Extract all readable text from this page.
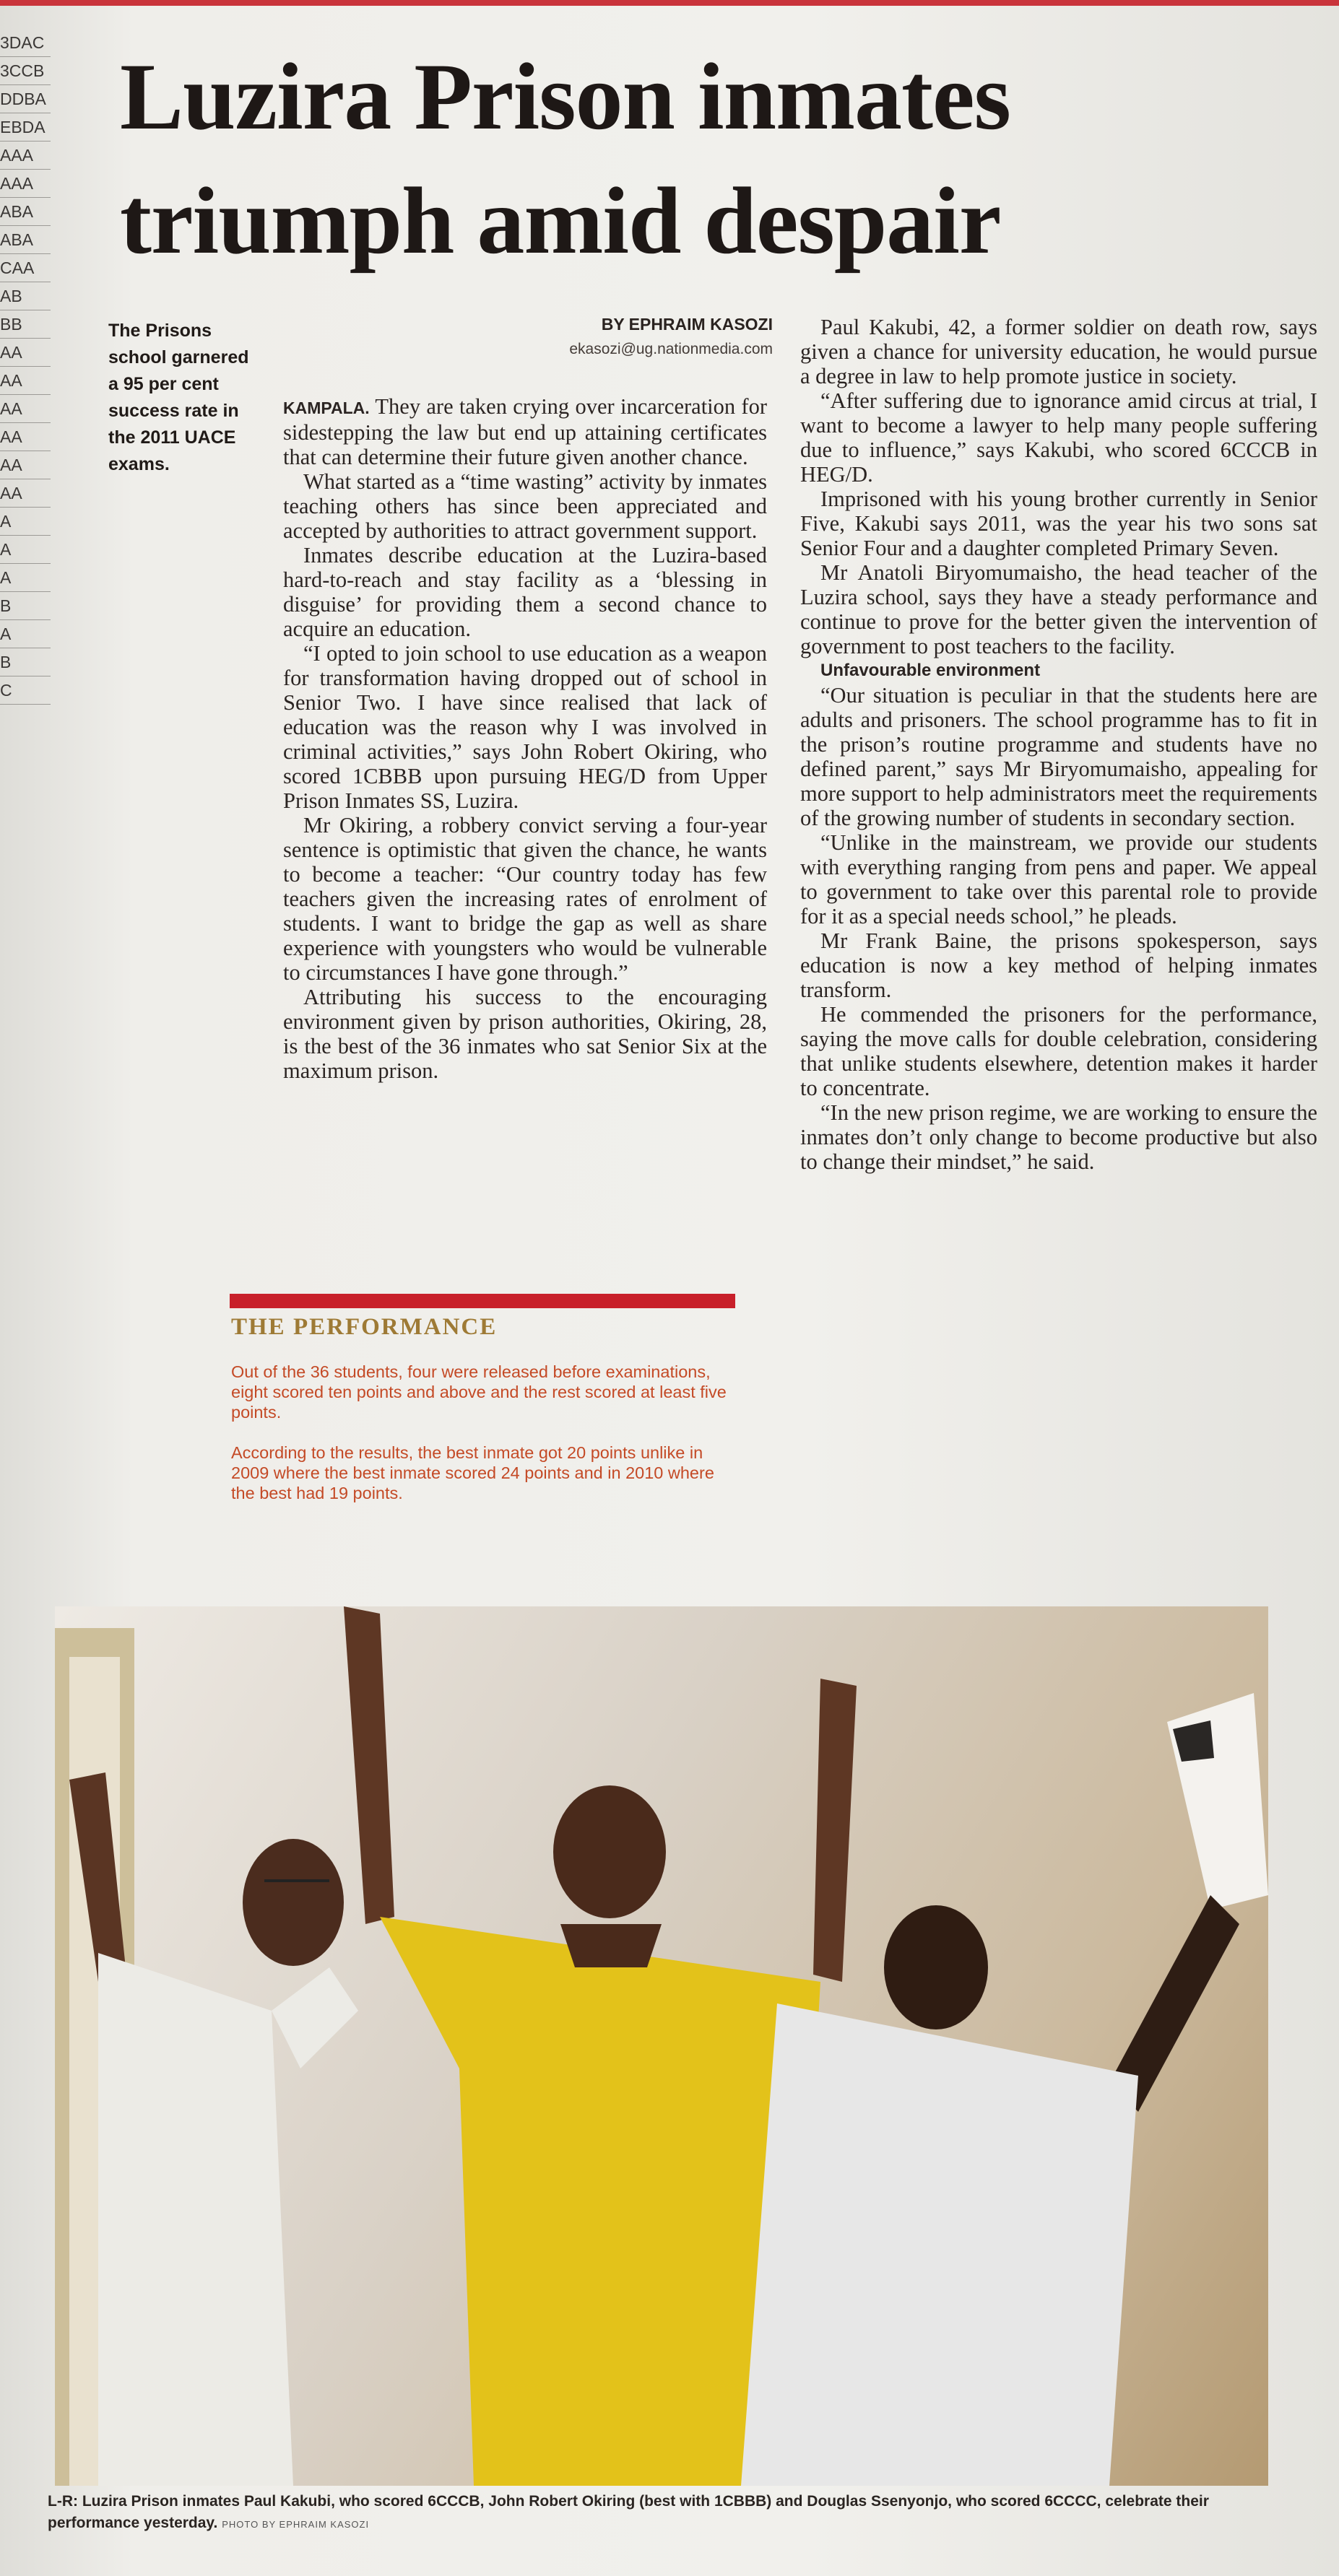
3DAC
3CCB
DDBA
EBDA
AAA
AAA
ABA
ABA
CAA
AB
BB
AA
AA
AA
AA
AA
AA
A
A
A
B
A
B
C
Luzira Prison inmates
triumph amid despair
The Prisons school garnered a 95 per cent success rate in the 2011 UACE exams.
BY EPHRAIM KASOZI
ekasozi@ug.nationmedia.com

KAMPALA. They are taken crying over incarceration for sidestepping the law but end up attaining certificates that can determine their future given another chance.

What started as a “time wasting” activity by inmates teaching others has since been appreciated and accepted by authorities to attract government support.

Inmates describe education at the Luzira-based hard-to-reach and stay facility as a ‘blessing in disguise’ for providing them a second chance to acquire an education.

“I opted to join school to use education as a weapon for transformation having dropped out of school in Senior Two. I have since realised that lack of education was the reason why I was involved in criminal activities,” says John Robert Okiring, who scored 1CBBB upon pursuing HEG/D from Upper Prison Inmates SS, Luzira.

Mr Okiring, a robbery convict serving a four-year sentence is optimistic that given the chance, he wants to become a teacher: “Our country today has few teachers given the increasing rates of enrolment of students. I want to bridge the gap as well as share experience with youngsters who would be vulnerable to circumstances I have gone through.”

Attributing his success to the encouraging environment given by prison authorities, Okiring, 28, is the best of the 36 inmates who sat Senior Six at the maximum prison.

Paul Kakubi, 42, a former soldier on death row, says given a chance for university education, he would pursue a degree in law to help promote justice in society.

“After suffering due to ignorance amid circus at trial, I want to become a lawyer to help many people suffering due to influence,” says Kakubi, who scored 6CCCB in HEG/D.

Imprisoned with his young brother currently in Senior Five, Kakubi says 2011, was the year his two sons sat Senior Four and a daughter completed Primary Seven.

Mr Anatoli Biryomumaisho, the head teacher of the Luzira school, says they have a steady performance and continue to prove for the better given the intervention of government to post teachers to the facility.

Unfavourable environment

“Our situation is peculiar in that the students here are adults and prisoners. The school programme has to fit in the prison’s routine programme and students have no defined parent,” says Mr Biryomumaisho, appealing for more support to help administrators meet the requirements of the growing number of students in secondary section.

“Unlike in the mainstream, we provide our students with everything ranging from pens and paper. We appeal to government to take over this parental role to provide for it as a special needs school,” he pleads.

Mr Frank Baine, the prisons spokesperson, says education is now a key method of helping inmates transform.

He commended the prisoners for the performance, saying the move calls for double celebration, considering that unlike students elsewhere, detention makes it harder to concentrate.

“In the new prison regime, we are working to ensure the inmates don’t only change to become productive but also to change their mindset,” he said.

THE PERFORMANCE
Out of the 36 students, four were released before examinations, eight scored ten points and above and the rest scored at least five points.
According to the results, the best inmate got 20 points unlike in 2009 where the best inmate scored 24 points and in 2010 where the best had 19 points.
L-R: Luzira Prison inmates Paul Kakubi, who scored 6CCCB, John Robert Okiring (best with 1CBBB) and Douglas Ssenyonjo, who scored 6CCCC, celebrate their performance yesterday. PHOTO BY EPHRAIM KASOZI
